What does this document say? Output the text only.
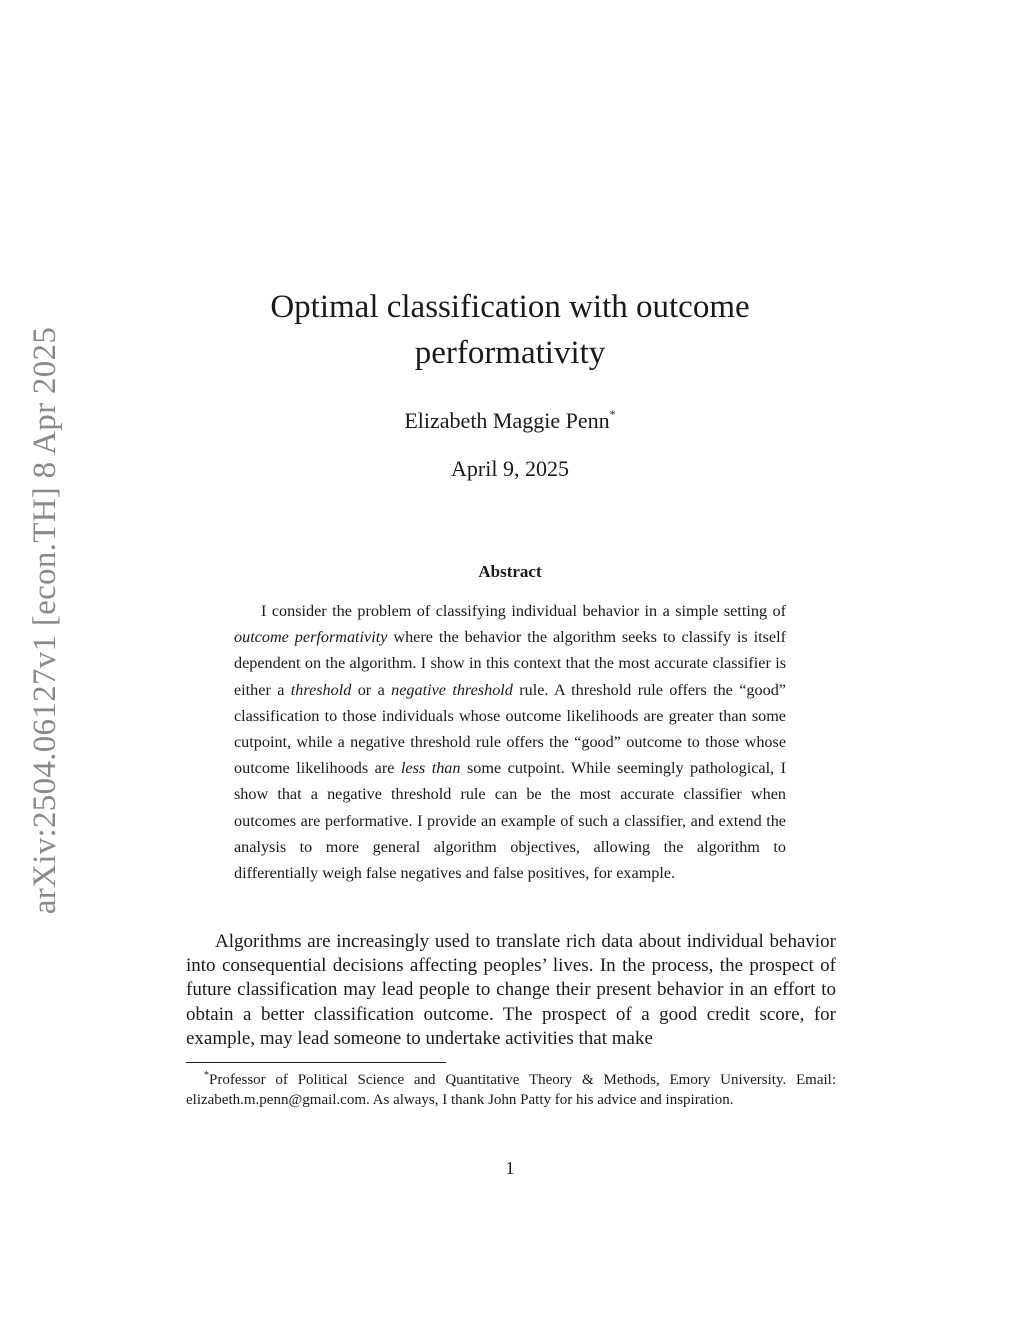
arXiv:2504.06127v1 [econ.TH] 8 Apr 2025
Optimal classification with outcome performativity

Elizabeth Maggie Penn*

April 9, 2025

Abstract

I consider the problem of classifying individual behavior in a simple setting of outcome performativity where the behavior the algorithm seeks to classify is itself dependent on the algorithm. I show in this context that the most accurate classifier is either a threshold or a negative threshold rule. A threshold rule offers the “good” classification to those individuals whose outcome likelihoods are greater than some cutpoint, while a negative threshold rule offers the “good” outcome to those whose outcome likelihoods are less than some cutpoint. While seemingly pathological, I show that a negative threshold rule can be the most accurate classifier when outcomes are performative. I provide an example of such a classifier, and extend the analysis to more general algorithm objectives, allowing the algorithm to differentially weigh false negatives and false positives, for example.

Algorithms are increasingly used to translate rich data about individual behavior into consequential decisions affecting peoples’ lives. In the process, the prospect of future classification may lead people to change their present behavior in an effort to obtain a better classification outcome. The prospect of a good credit score, for example, may lead someone to undertake activities that make

*Professor of Political Science and Quantitative Theory & Methods, Emory University. Email: elizabeth.m.penn@gmail.com. As always, I thank John Patty for his advice and inspiration.

1
